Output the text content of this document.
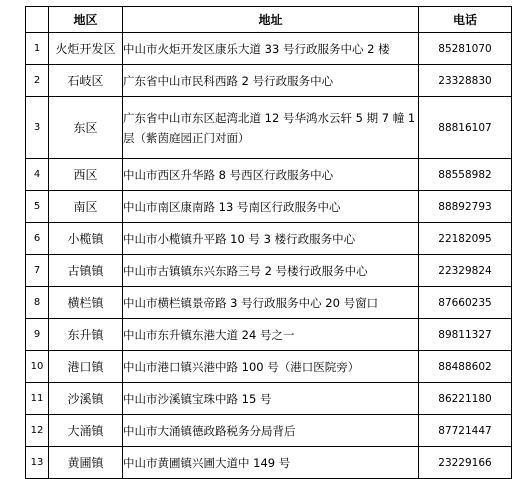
	地区	地址	电话
1	火炬开发区	中山市火炬开发区康乐大道 33 号行政服务中心 2 楼	85281070
2	石岐区	广东省中山市民科西路 2 号行政服务中心	23328830
3	东区	广东省中山市东区起湾北道 12 号华鸿水云轩 5 期 7 幢 1 层（紫茵庭园正门对面）	88816107
4	西区	中山市西区升华路 8 号西区行政服务中心	88558982
5	南区	中山市南区康南路 13 号南区行政服务中心	88892793
6	小榄镇	中山市小榄镇升平路 10 号 3 楼行政服务中心	22182095
7	古镇镇	中山市古镇镇东兴东路三号 2 号楼行政服务中心	22329824
8	横栏镇	中山市横栏镇景帝路 3 号行政服务中心 20 号窗口	87660235
9	东升镇	中山市东升镇东港大道 24 号之一	89811327
10	港口镇	中山市港口镇兴港中路 100 号（港口医院旁）	88488602
11	沙溪镇	中山市沙溪镇宝珠中路 15 号	86221180
12	大涌镇	中山市大涌镇德政路税务分局背后	87721447
13	黄圃镇	中山市黄圃镇兴圃大道中 149 号	23229166
